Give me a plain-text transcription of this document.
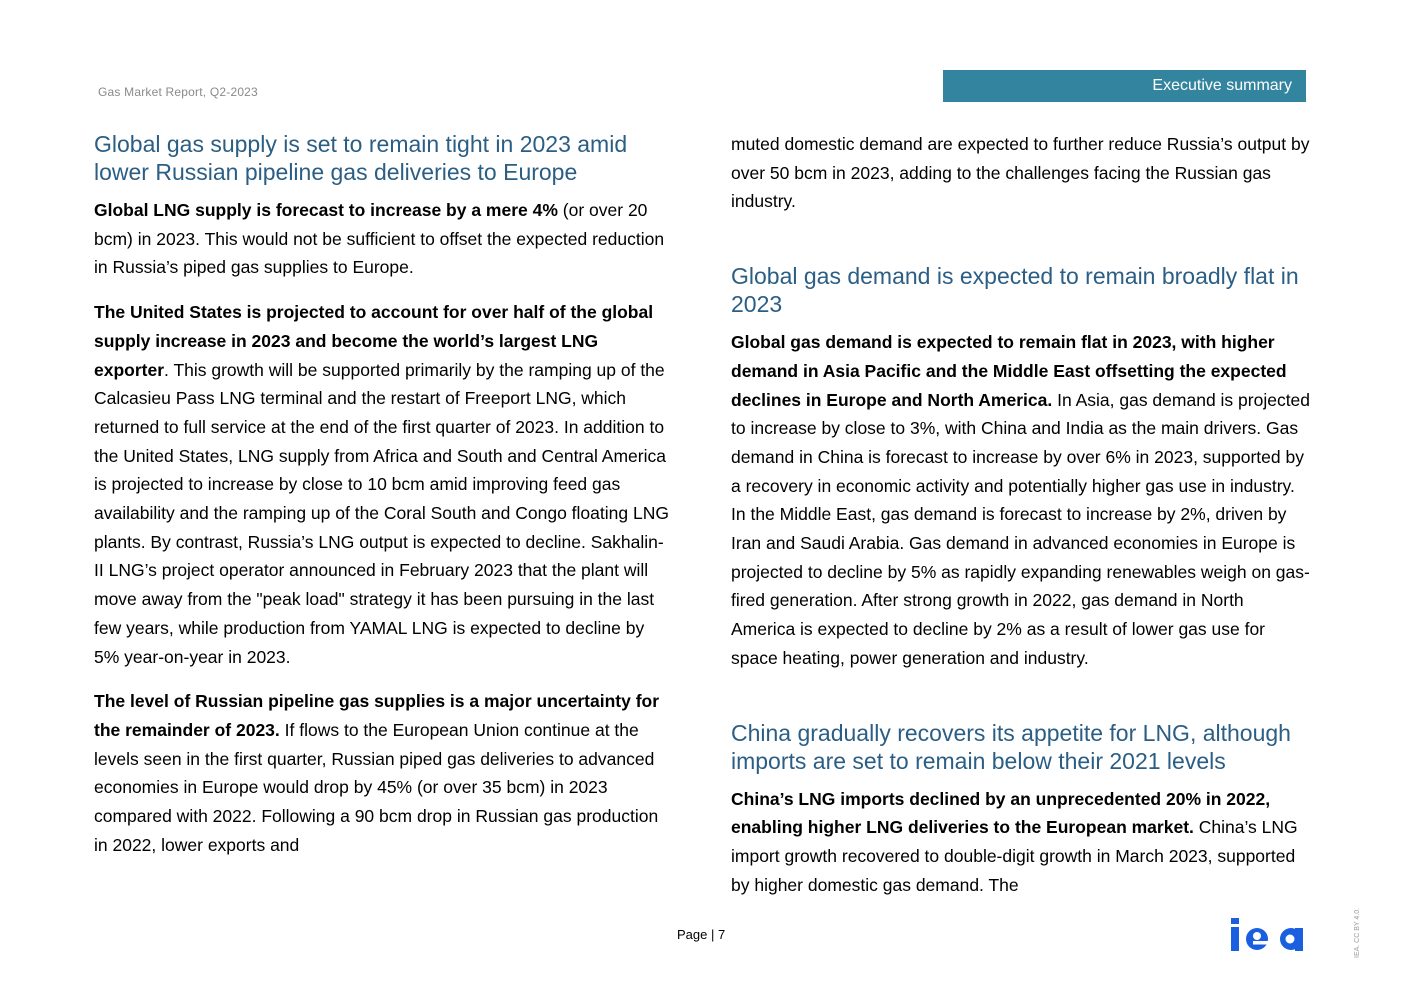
Gas Market Report, Q2-2023	Executive summary
Global gas supply is set to remain tight in 2023 amid lower Russian pipeline gas deliveries to Europe

Global LNG supply is forecast to increase by a mere 4% (or over 20 bcm) in 2023. This would not be sufficient to offset the expected reduction in Russia’s piped gas supplies to Europe.

The United States is projected to account for over half of the global supply increase in 2023 and become the world’s largest LNG exporter. This growth will be supported primarily by the ramping up of the Calcasieu Pass LNG terminal and the restart of Freeport LNG, which returned to full service at the end of the first quarter of 2023. In addition to the United States, LNG supply from Africa and South and Central America is projected to increase by close to 10 bcm amid improving feed gas availability and the ramping up of the Coral South and Congo floating LNG plants. By contrast, Russia’s LNG output is expected to decline. Sakhalin-II LNG’s project operator announced in February 2023 that the plant will move away from the "peak load" strategy it has been pursuing in the last few years, while production from YAMAL LNG is expected to decline by 5% year-on-year in 2023.

The level of Russian pipeline gas supplies is a major uncertainty for the remainder of 2023. If flows to the European Union continue at the levels seen in the first quarter, Russian piped gas deliveries to advanced economies in Europe would drop by 45% (or over 35 bcm) in 2023 compared with 2022. Following a 90 bcm drop in Russian gas production in 2022, lower exports and

muted domestic demand are expected to further reduce Russia’s output by over 50 bcm in 2023, adding to the challenges facing the Russian gas industry.

Global gas demand is expected to remain broadly flat in 2023

Global gas demand is expected to remain flat in 2023, with higher demand in Asia Pacific and the Middle East offsetting the expected declines in Europe and North America. In Asia, gas demand is projected to increase by close to 3%, with China and India as the main drivers. Gas demand in China is forecast to increase by over 6% in 2023, supported by a recovery in economic activity and potentially higher gas use in industry. In the Middle East, gas demand is forecast to increase by 2%, driven by Iran and Saudi Arabia. Gas demand in advanced economies in Europe is projected to decline by 5% as rapidly expanding renewables weigh on gas-fired generation. After strong growth in 2022, gas demand in North America is expected to decline by 2% as a result of lower gas use for space heating, power generation and industry.

China gradually recovers its appetite for LNG, although imports are set to remain below their 2021 levels

China’s LNG imports declined by an unprecedented 20% in 2022, enabling higher LNG deliveries to the European market. China’s LNG import growth recovered to double-digit growth in March 2023, supported by higher domestic gas demand. The

Page | 7	IEA. CC BY 4.0.
